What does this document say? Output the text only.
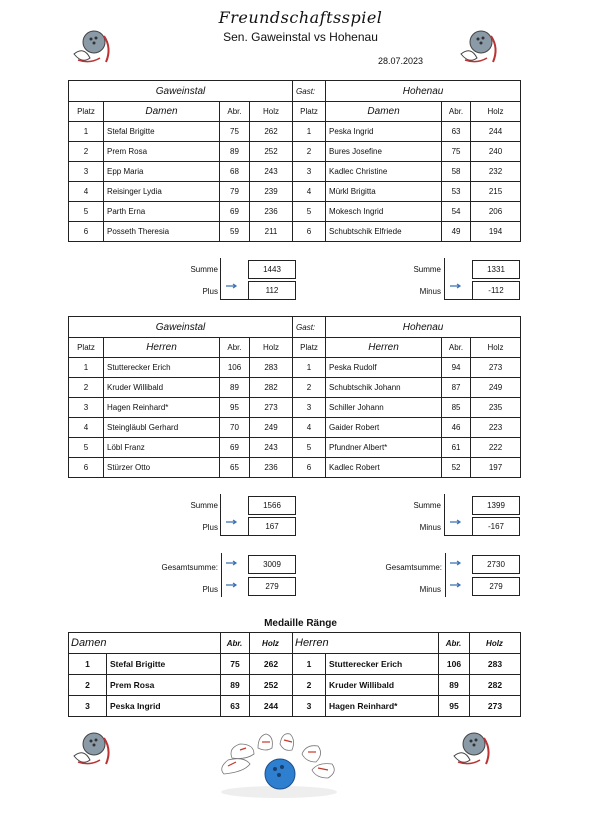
Freundschaftsspiel
Sen. Gaweinstal vs Hohenau
28.07.2023
Gaweinstal				Gast:	Hohenau		
Platz	Damen	Abr.	Holz	Platz	Damen	Abr.	Holz
1	Stefal Brigitte	75	262	1	Peska Ingrid	63	244
2	Prem Rosa	89	252	2	Bures Josefine	75	240
3	Epp Maria	68	243	3	Kadlec Christine	58	232
4	Reisinger Lydia	79	239	4	Mürkl Brigitta	53	215
5	Parth Erna	69	236	5	Mokesch Ingrid	54	206
6	Posseth Theresia	59	211	6	Schubtschik Elfriede	49	194
Summe	1443
Plus	112
Summe	1331
Minus	-112
Gaweinstal				Gast:	Hohenau		
Platz	Herren	Abr.	Holz	Platz	Herren	Abr.	Holz
1	Stutterecker Erich	106	283	1	Peska Rudolf	94	273
2	Kruder Willibald	89	282	2	Schubtschik Johann	87	249
3	Hagen Reinhard*	95	273	3	Schiller Johann	85	235
4	Steingläubl Gerhard	70	249	4	Gaider Robert	46	223
5	Löbl Franz	69	243	5	Pfundner Albert*	61	222
6	Stürzer Otto	65	236	6	Kadlec Robert	52	197
Summe	1566
Plus	167
Summe	1399
Minus	-167
Gesamtsumme:	3009
Plus	279
Gesamtsumme:	2730
Minus	279
Medaille Ränge
Damen		Abr.	Holz	Herren		Abr.	Holz
1	Stefal Brigitte	75	262	1	Stutterecker Erich	106	283
2	Prem Rosa	89	252	2	Kruder Willibald	89	282
3	Peska Ingrid	63	244	3	Hagen Reinhard*	95	273
